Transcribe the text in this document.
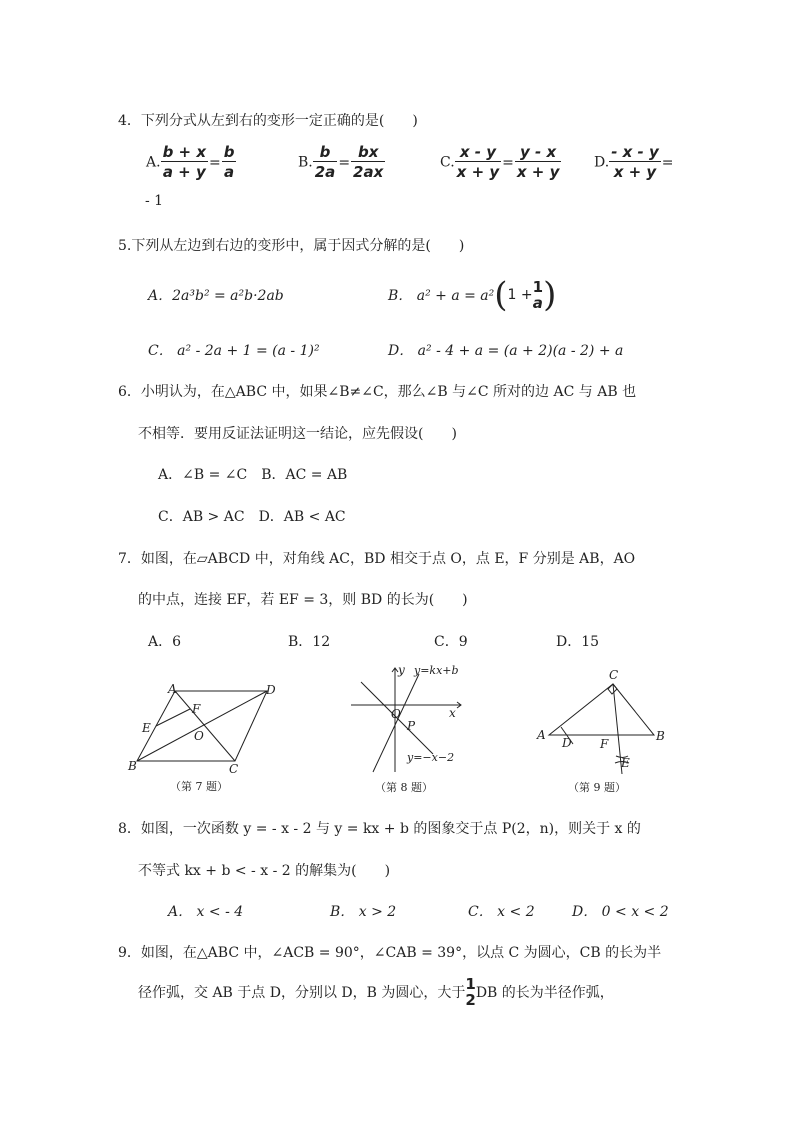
4．下列分式从左到右的变形一定正确的是(　　)
A. $\frac{b + x}{a + y} = \frac{b}{a}$	B. $\frac{b}{2a} = \frac{bx}{2ax}$	C. $\frac{x - y}{x + y} = \frac{y - x}{x + y} D$. $\frac{- x - y}{x + y}$ =
- 1
5.下列从左边到右边的变形中，属于因式分解的是(　　)
A．2a³b² = a²b·2ab	B． a² + a = a²(1 + 1
a )
C． a² - 2a + 1 = (a - 1)²	D． a² - 4 + a = (a + 2)(a - 2) + a
6．小明认为，在△ABC 中，如果∠B≠∠C，那么∠B 与∠C 所对的边 AC 与 AB 也
不相等．要用反证法证明这一结论，应先假设(　　)
A．∠B = ∠C　B．AC = AB
C．AB > AC　D．AB < AC
7．如图，在▱ABCD 中，对角线 AC，BD 相交于点 O，点 E，F 分别是 AB，AO
的中点，连接 EF，若 EF = 3，则 BD 的长为(　　)
A．6	B．12	C．9	D．15
A	D
B	C
E
F
O
（第 7 题）
y y=kx+b
x
O
P
y=−x−2
（第 8 题）
C
A	B
D F
E
（第 9 题）
8．如图，一次函数 y = - x - 2 与 y = kx + b 的图象交于点 P(2，n)，则关于 x 的
不等式 kx + b < - x - 2 的解集为(　　)
A． x < - 4	B． x > 2	C． x < 2	D． 0 < x < 2
9．如图，在△ABC 中，∠ACB = 90°，∠CAB = 39°，以点 C 为圆心，CB 的长为半
径作弧，交 AB 于点 D，分别以 D，B 为圆心，大于 1
2 DB 的长为半径作弧，
